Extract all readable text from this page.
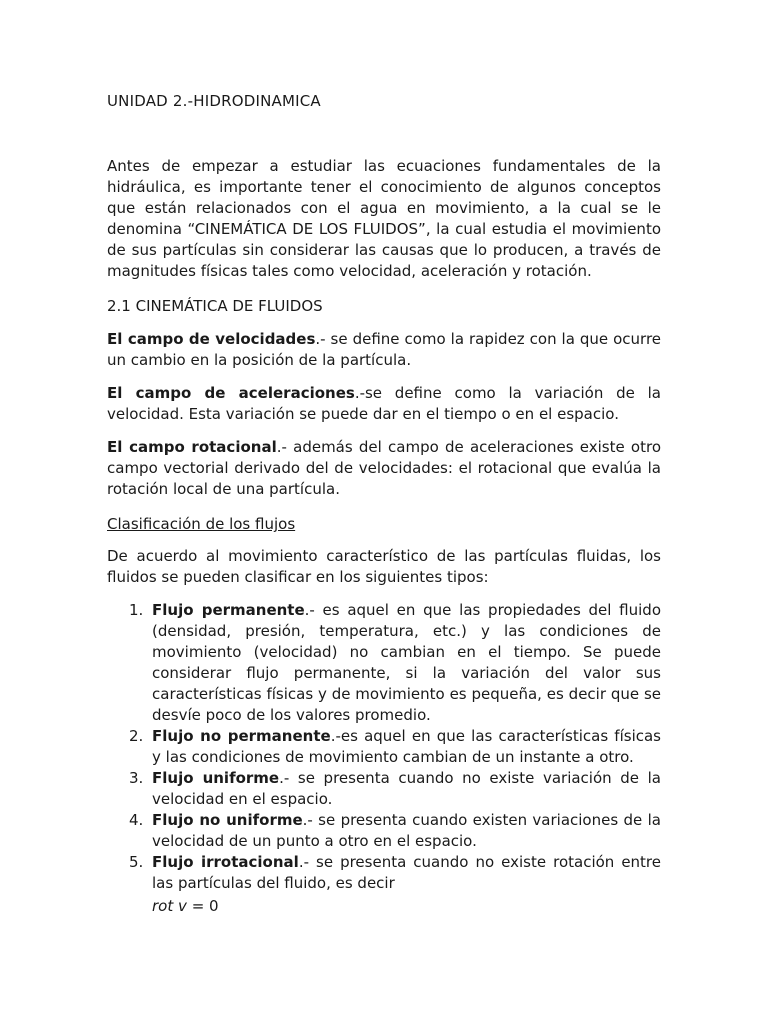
UNIDAD 2.-HIDRODINAMICA

Antes de empezar a estudiar las ecuaciones fundamentales de la hidráulica, es importante tener el conocimiento de algunos conceptos que están relacionados con el agua en movimiento, a la cual se le denomina “CINEMÁTICA DE LOS FLUIDOS”, la cual estudia el movimiento de sus partículas sin considerar las causas que lo producen, a través de magnitudes físicas tales como velocidad, aceleración y rotación.

2.1 CINEMÁTICA DE FLUIDOS

El campo de velocidades.- se define como la rapidez con la que ocurre un cambio en la posición de la partícula.

El campo de aceleraciones.-se define como la variación de la velocidad. Esta variación se puede dar en el tiempo o en el espacio.

El campo rotacional.- además del campo de aceleraciones existe otro campo vectorial derivado del de velocidades: el rotacional que evalúa la rotación local de una partícula.

Clasificación de los flujos

De acuerdo al movimiento característico de las partículas fluidas, los fluidos se pueden clasificar en los siguientes tipos:

1. Flujo permanente.- es aquel en que las propiedades del fluido (densidad, presión, temperatura, etc.) y las condiciones de movimiento (velocidad) no cambian en el tiempo. Se puede considerar flujo permanente, si la variación del valor sus características físicas y de movimiento es pequeña, es decir que se desvíe poco de los valores promedio.
2. Flujo no permanente.-es aquel en que las características físicas y las condiciones de movimiento cambian de un instante a otro.
3. Flujo uniforme.- se presenta cuando no existe variación de la velocidad en el espacio.
4. Flujo no uniforme.- se presenta cuando existen variaciones de la velocidad de un punto a otro en el espacio.
5. Flujo irrotacional.- se presenta cuando no existe rotación entre las partículas del fluido, es decir

rot v = 0
